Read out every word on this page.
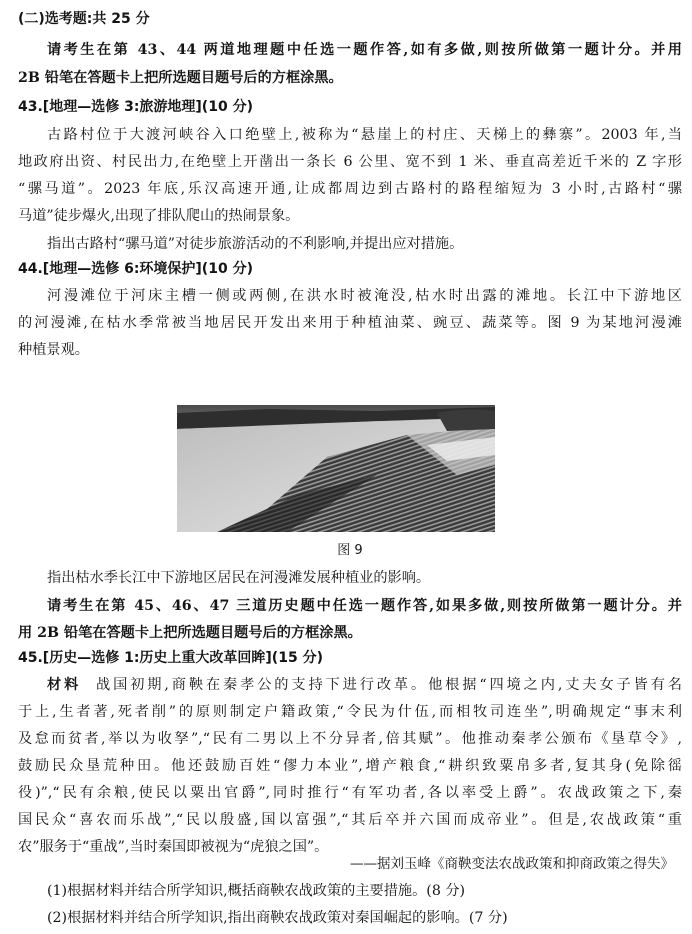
(二)选考题:共 25 分
请考生在第 43、44 两道地理题中任选一题作答,如有多做,则按所做第一题计分。并用
2B 铅笔在答题卡上把所选题目题号后的方框涂黑。
43.[地理—选修 3:旅游地理](10 分)
古路村位于大渡河峡谷入口绝壁上,被称为“悬崖上的村庄、天梯上的彝寨”。2003 年,当
地政府出资、村民出力,在绝壁上开凿出一条长 6 公里、宽不到 1 米、垂直高差近千米的 Z 字形
“骡马道”。2023 年底,乐汉高速开通,让成都周边到古路村的路程缩短为 3 小时,古路村“骡
马道”徒步爆火,出现了排队爬山的热闹景象。
指出古路村“骡马道”对徒步旅游活动的不利影响,并提出应对措施。
44.[地理—选修 6:环境保护](10 分)
河漫滩位于河床主槽一侧或两侧,在洪水时被淹没,枯水时出露的滩地。长江中下游地区
的河漫滩,在枯水季常被当地居民开发出来用于种植油菜、豌豆、蔬菜等。图 9 为某地河漫滩
种植景观。
图 9
指出枯水季长江中下游地区居民在河漫滩发展种植业的影响。
请考生在第 45、46、47 三道历史题中任选一题作答,如果多做,则按所做第一题计分。并
用 2B 铅笔在答题卡上把所选题目题号后的方框涂黑。
45.[历史—选修 1:历史上重大改革回眸](15 分)
材料 战国初期,商鞅在秦孝公的支持下进行改革。他根据“四境之内,丈夫女子皆有名
于上,生者著,死者削”的原则制定户籍政策,“令民为什伍,而相牧司连坐”,明确规定“事末利
及怠而贫者,举以为收孥”,“民有二男以上不分异者,倍其赋”。他推动秦孝公颁布《垦草令》,
鼓励民众垦荒种田。他还鼓励百姓“僇力本业”,增产粮食,“耕织致粟帛多者,复其身(免除徭
役)”,“民有余粮,使民以粟出官爵”,同时推行“有军功者,各以率受上爵”。农战政策之下,秦
国民众“喜农而乐战”,“民以殷盛,国以富强”,“其后卒并六国而成帝业”。但是,农战政策“重
农”服务于“重战”,当时秦国即被视为“虎狼之国”。
——据刘玉峰《商鞅变法农战政策和抑商政策之得失》
(1)根据材料并结合所学知识,概括商鞅农战政策的主要措施。(8 分)
(2)根据材料并结合所学知识,指出商鞅农战政策对秦国崛起的影响。(7 分)
